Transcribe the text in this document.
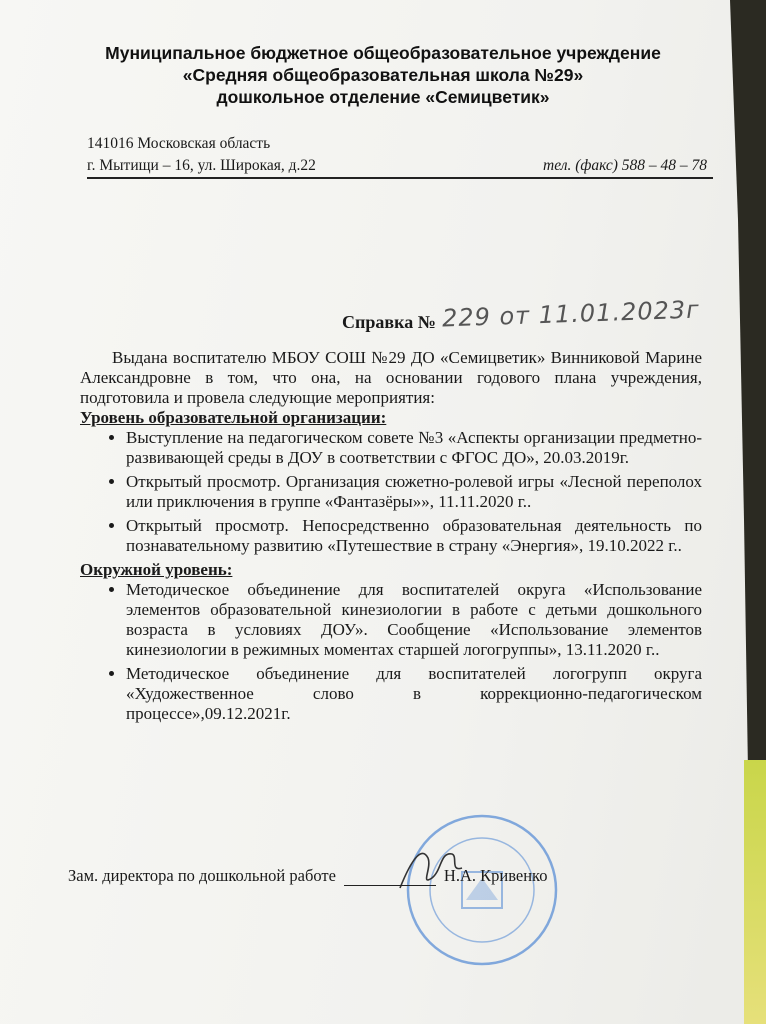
Муниципальное бюджетное общеобразовательное учреждение
«Средняя общеобразовательная школа №29»
дошкольное отделение «Семицветик»
141016 Московская область
г. Мытищи – 16, ул. Широкая, д.22	тел. (факс) 588 – 48 – 78
Справка № 229 от 11.01.2023г

Выдана воспитателю МБОУ СОШ №29 ДО «Семицветик» Винниковой Марине Александровне в том, что она, на основании годового плана учреждения, подготовила и провела следующие мероприятия:

Уровень образовательной организации:
• Выступление на педагогическом совете №3 «Аспекты организации предметно-развивающей среды в ДОУ в соответствии с ФГОС ДО», 20.03.2019г.
• Открытый просмотр. Организация сюжетно-ролевой игры «Лесной переполох или приключения в группе «Фантазёры»», 11.11.2020 г..
• Открытый просмотр. Непосредственно образовательная деятельность по познавательному развитию «Путешествие в страну «Энергия», 19.10.2022 г..
Окружной уровень:
• Методическое объединение для воспитателей округа «Использование элементов образовательной кинезиологии в работе с детьми дошкольного возраста в условиях ДОУ». Сообщение «Использование элементов кинезиологии в режимных моментах старшей логогруппы», 13.11.2020 г..
• Методическое объединение для воспитателей логогрупп округа «Художественное слово в коррекционно-педагогическом процессе»,09.12.2021г.
Зам. директора по дошкольной работе	Н.А. Кривенко
